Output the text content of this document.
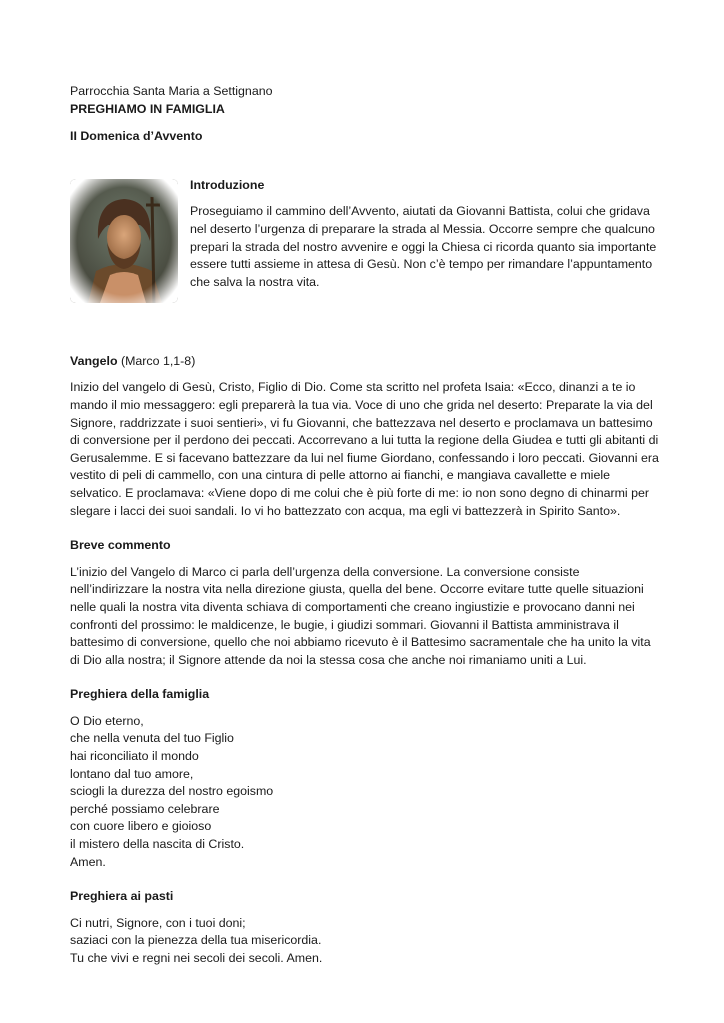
Parrocchia Santa Maria a Settignano

PREGHIAMO IN FAMIGLIA

II Domenica d’Avvento

Introduzione

Proseguiamo il cammino dell’Avvento, aiutati da Giovanni Battista, colui che gridava nel deserto l’urgenza di preparare la strada al Messia. Occorre sempre che qualcuno prepari la strada del nostro avvenire e oggi la Chiesa ci ricorda quanto sia importante essere tutti assieme in attesa di Gesù. Non c’è tempo per rimandare l’appuntamento che salva la nostra vita.

Vangelo (Marco 1,1-8)

Inizio del vangelo di Gesù, Cristo, Figlio di Dio. Come sta scritto nel profeta Isaia: «Ecco, dinanzi a te io mando il mio messaggero: egli preparerà la tua via. Voce di uno che grida nel deserto: Preparate la via del Signore, raddrizzate i suoi sentieri», vi fu Giovanni, che battezzava nel deserto e proclamava un battesimo di conversione per il perdono dei peccati. Accorrevano a lui tutta la regione della Giudea e tutti gli abitanti di Gerusalemme. E si facevano battezzare da lui nel fiume Giordano, confessando i loro peccati. Giovanni era vestito di peli di cammello, con una cintura di pelle attorno ai fianchi, e mangiava cavallette e miele selvatico. E proclamava: «Viene dopo di me colui che è più forte di me: io non sono degno di chinarmi per slegare i lacci dei suoi sandali. Io vi ho battezzato con acqua, ma egli vi battezzerà in Spirito Santo».

Breve commento

L’inizio del Vangelo di Marco ci parla dell’urgenza della conversione. La conversione consiste nell’indirizzare la nostra vita nella direzione giusta, quella del bene. Occorre evitare tutte quelle situazioni nelle quali la nostra vita diventa schiava di comportamenti che creano ingiustizie e provocano danni nei confronti del prossimo: le maldicenze, le bugie, i giudizi sommari. Giovanni il Battista amministrava il battesimo di conversione, quello che noi abbiamo ricevuto è il Battesimo sacramentale che ha unito la vita di Dio alla nostra; il Signore attende da noi la stessa cosa che anche noi rimaniamo uniti a Lui.

Preghiera della famiglia

O Dio eterno,

che nella venuta del tuo Figlio

hai riconciliato il mondo

lontano dal tuo amore,

sciogli la durezza del nostro egoismo

perché possiamo celebrare

con cuore libero e gioioso

il mistero della nascita di Cristo.

Amen.

Preghiera ai pasti

Ci nutri, Signore, con i tuoi doni;

saziaci con la pienezza della tua misericordia.

Tu che vivi e regni nei secoli dei secoli. Amen.
